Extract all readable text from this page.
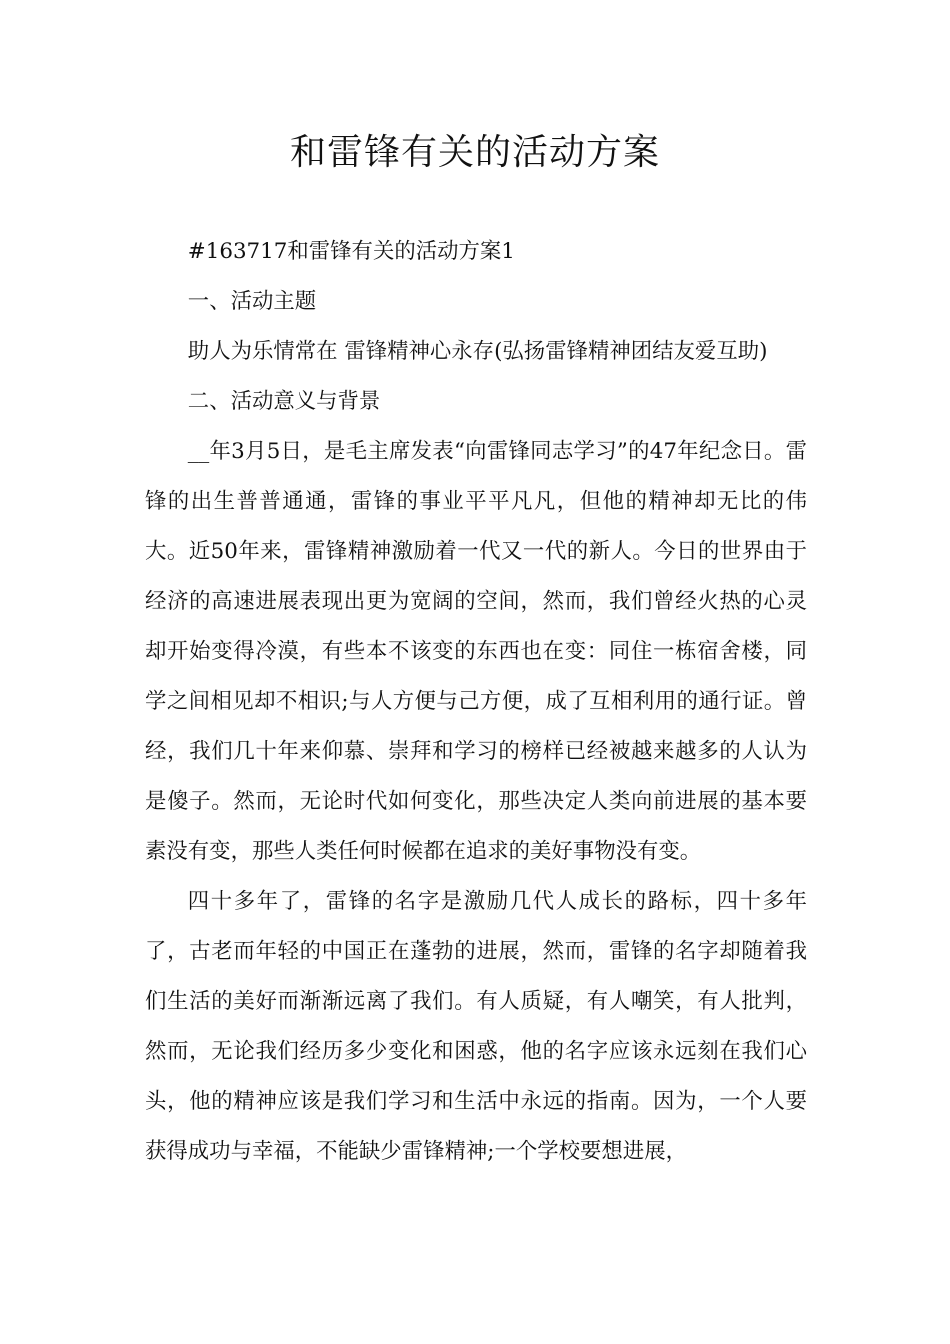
和雷锋有关的活动方案

#163717和雷锋有关的活动方案1

一、活动主题

助人为乐情常在 雷锋精神心永存(弘扬雷锋精神团结友爱互助)

二、活动意义与背景

__年3月5日，是毛主席发表“向雷锋同志学习”的47年纪念日。雷锋的出生普普通通，雷锋的事业平平凡凡，但他的精神却无比的伟大。近50年来，雷锋精神激励着一代又一代的新人。今日的世界由于经济的高速进展表现出更为宽阔的空间，然而，我们曾经火热的心灵却开始变得冷漠，有些本不该变的东西也在变：同住一栋宿舍楼，同学之间相见却不相识;与人方便与己方便，成了互相利用的通行证。曾经，我们几十年来仰慕、崇拜和学习的榜样已经被越来越多的人认为是傻子。然而，无论时代如何变化，那些决定人类向前进展的基本要素没有变，那些人类任何时候都在追求的美好事物没有变。

四十多年了，雷锋的名字是激励几代人成长的路标，四十多年了，古老而年轻的中国正在蓬勃的进展，然而，雷锋的名字却随着我们生活的美好而渐渐远离了我们。有人质疑，有人嘲笑，有人批判，然而，无论我们经历多少变化和困惑，他的名字应该永远刻在我们心头，他的精神应该是我们学习和生活中永远的指南。因为，一个人要获得成功与幸福，不能缺少雷锋精神;一个学校要想进展，
